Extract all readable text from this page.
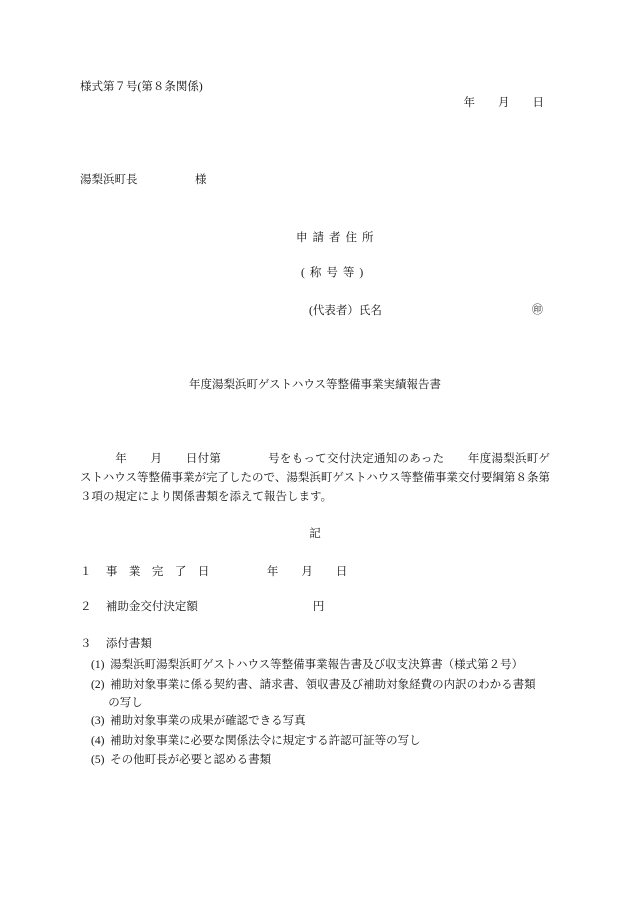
様式第７号(第８条関係)
年　　月　　日
湯梨浜町長　　　　　様
申請者住所
(称号等)
(代表者）氏名	㊞
年度湯梨浜町ゲストハウス等整備事業実績報告書
　　　年　　月　　日付第　　　　号をもって交付決定通知のあった　　年度湯梨浜町ゲストハウス等整備事業が完了したので、湯梨浜町ゲストハウス等整備事業交付要綱第８条第３項の規定により関係書類を添えて報告します。
記
１　 事　業　完　了　日　　　　　年　　月　　日
２　 補助金交付決定額　　　　　　　　　　円
３　 添付書類
(1)  湯梨浜町湯梨浜町ゲストハウス等整備事業報告書及び収支決算書（様式第２号）
(2)  補助対象事業に係る契約書、請求書、領収書及び補助対象経費の内訳のわかる書類
の写し
(3)  補助対象事業の成果が確認できる写真
(4)  補助対象事業に必要な関係法令に規定する許認可証等の写し
(5)  その他町長が必要と認める書類
